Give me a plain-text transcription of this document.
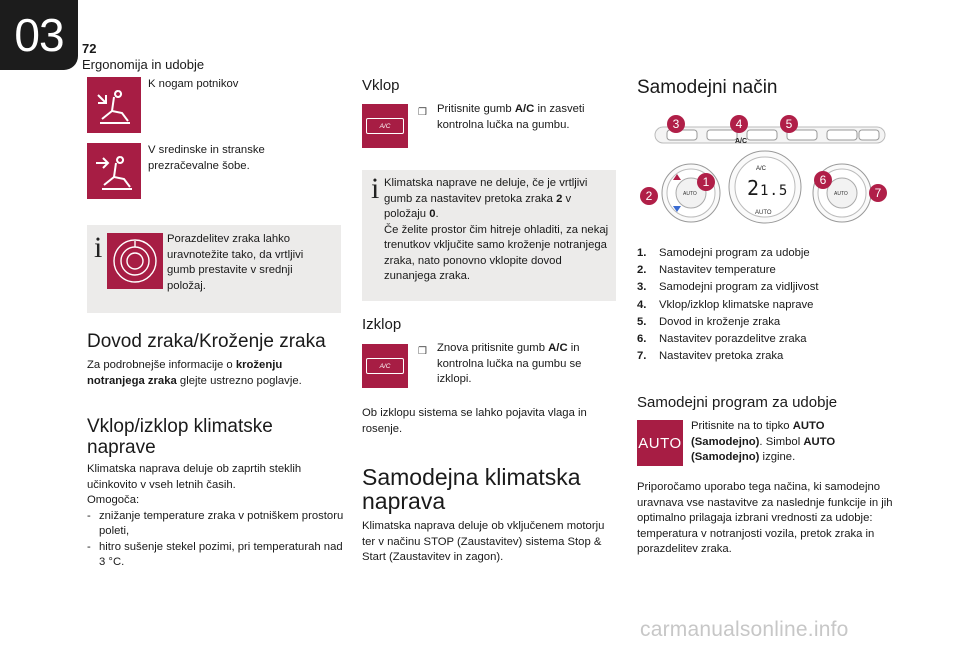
03 72
Ergonomija in udobje
K nogam potnikov
V sredinske in stranske prezračevalne šobe.
i	Porazdelitev zraka lahko uravnotežite tako, da vrtljivi gumb prestavite v srednji položaj.
Dovod zraka/Kroženje zraka
Za podrobnejše informacije o kroženju notranjega zraka glejte ustrezno poglavje.
Vklop/izklop klimatske naprave
Klimatska naprava deluje ob zaprtih steklih učinkovito v vseh letnih časih.
Omogoča:
- znižanje temperature zraka v potniškem prostoru poleti,
- hitro sušenje stekel pozimi, pri temperaturah nad 3 °C.
Vklop
A/C
❒ Pritisnite gumb A/C in zasveti kontrolna lučka na gumbu.
i Klimatska naprave ne deluje, če je vrtljivi gumb za nastavitev pretoka zraka 2 v položaju 0.
Če želite prostor čim hitreje ohladiti, za nekaj trenutkov vključite samo kroženje notranjega zraka, nato ponovno vklopite dovod zunanjega zraka.
Izklop
A/C
❒ Znova pritisnite gumb A/C in kontrolna lučka na gumbu se izklopi.
Ob izklopu sistema se lahko pojavita vlaga in rosenje.
Samodejna klimatska naprava
Klimatska naprava deluje ob vključenem motorju ter v načinu STOP (Zaustavitev) sistema Stop & Start (Zaustavitev in zagon).
Samodejni način
A/C
A/C
21.5
AUTO
AUTO	AUTO
3	4	5
2
1	6
7
1. Samodejni program za udobje
2. Nastavitev temperature
3. Samodejni program za vidljivost
4. Vklop/izklop klimatske naprave
5. Dovod in kroženje zraka
6. Nastavitev porazdelitve zraka
7. Nastavitev pretoka zraka
Samodejni program za udobje
AUTO
Pritisnite na to tipko AUTO (Samodejno). Simbol AUTO (Samodejno) izgine.
Priporočamo uporabo tega načina, ki samodejno uravnava vse nastavitve za naslednje funkcije in jih optimalno prilagaja izbrani vrednosti za udobje: temperatura v notranjosti vozila, pretok zraka in porazdelitev zraka.
carmanualsonline.info
